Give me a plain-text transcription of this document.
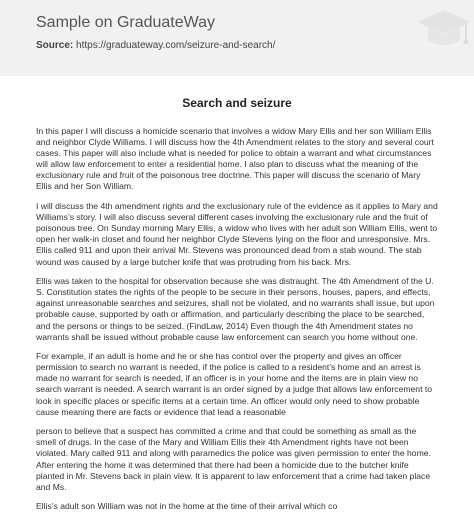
Sample on GraduateWay
Source: https://graduateway.com/seizure-and-search/
Search and seizure

In this paper I will discuss a homicide scenario that involves a widow Mary Ellis and her son William Ellis and neighbor Clyde Williams. I will discuss how the 4th Amendment relates to the story and several court cases. This paper will also include what is needed for police to obtain a warrant and what circumstances will allow law enforcement to enter a residential home. I also plan to discuss what the meaning of the exclusionary rule and fruit of the poisonous tree doctrine. This paper will discuss the scenario of Mary Ellis and her Son William.

I will discuss the 4th amendment rights and the exclusionary rule of the evidence as it applies to Mary and Williams’s story. I will also discuss several different cases involving the exclusionary rule and the fruit of poisonous tree. On Sunday morning Mary Ellis, a widow who lives with her adult son William Ellis, went to open her walk-in closet and found her neighbor Clyde Stevens lying on the floor and unresponsive. Mrs. Ellis called 911 and upon their arrival Mr. Stevens was pronounced dead from a stab wound. The stab wound was caused by a large butcher knife that was protruding from his back. Mrs.

Ellis was taken to the hospital for observation because she was distraught. The 4th Amendment of the U. S. Constitution states the rights of the people to be secure in their persons, houses, papers, and effects, against unreasonable searches and seizures, shall not be violated, and no warrants shall issue, but upon probable cause, supported by oath or affirmation, and particularly describing the place to be searched, and the persons or things to be seized. (FindLaw, 2014) Even though the 4th Amendment states no warrants shall be issued without probable cause law enforcement can search you home without one.

For example, if an adult is home and he or she has control over the property and gives an officer permission to search no warrant is needed, if the police is called to a resident’s home and an arrest is made no warrant for search is needed, if an officer is in your home and the items are in plain view no search warrant is needed. A search warrant is an order signed by a judge that allows law enforcement to look in specific places or specific items at a certain time. An officer would only need to show probable cause meaning there are facts or evidence that lead a reasonable

person to believe that a suspect has committed a crime and that could be something as small as the smell of drugs. In the case of the Mary and William Ellis their 4th Amendment rights have not been violated. Mary called 911 and along with paramedics the police was given permission to enter the home. After entering the home it was determined that there had been a homicide due to the butcher knife planted in Mr. Stevens back in plain view. It is apparent to law enforcement that a crime had taken place and Ms.

Ellis’s adult son William was not in the home at the time of their arrival which co
